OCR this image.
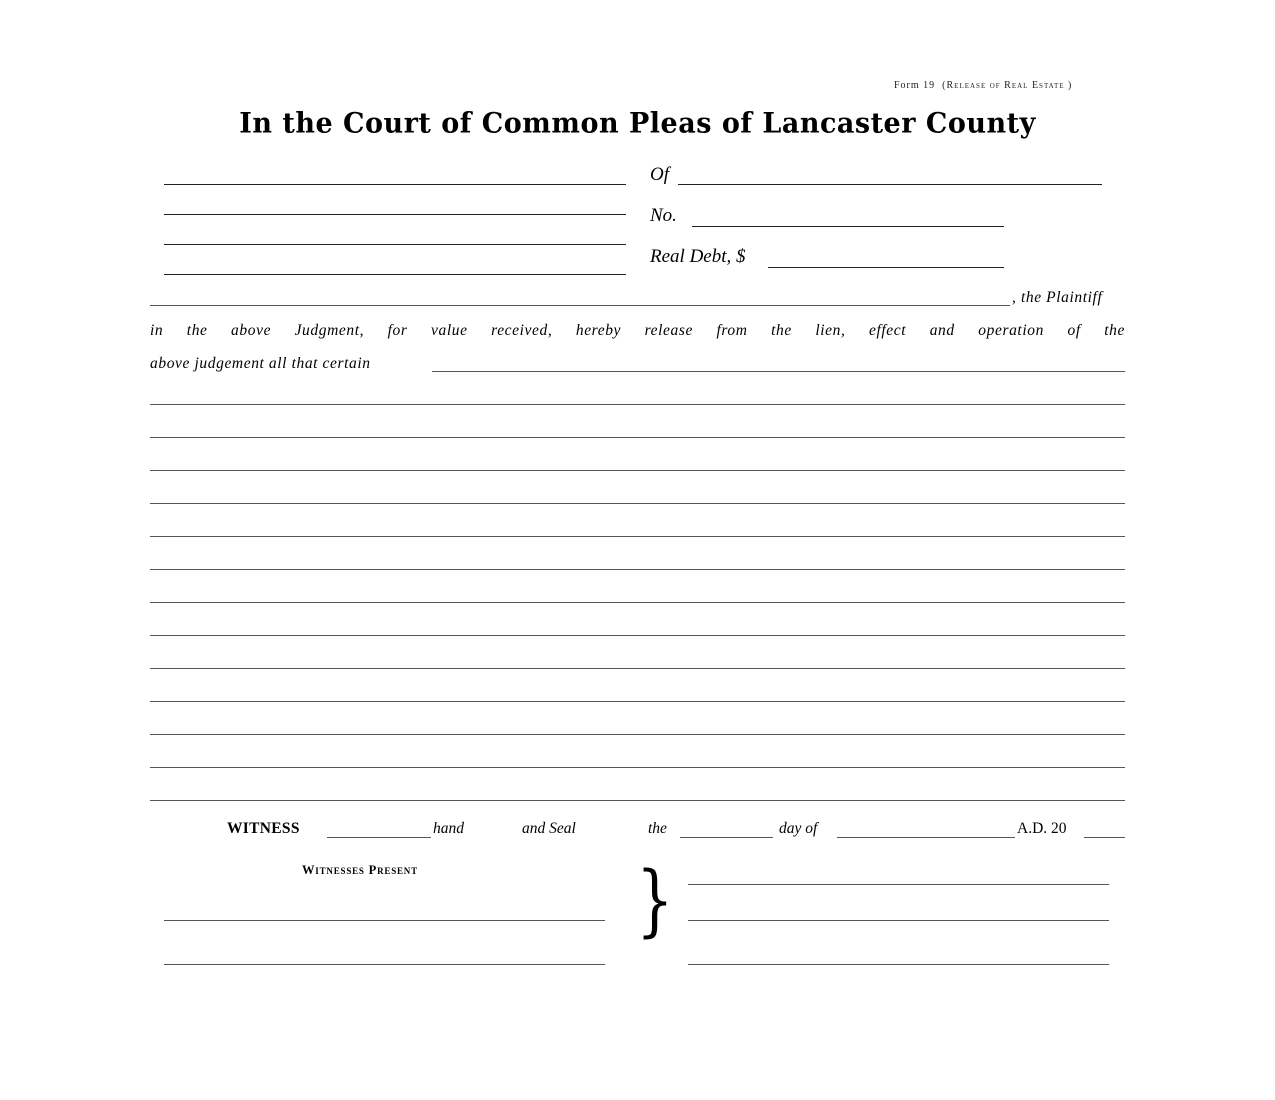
Form 19 (Release of Real Estate )
In the Court of Common Pleas of Lancaster County
Of
No.
Real Debt, $
, the Plaintiff
in the above Judgment, for value received, hereby release from the lien, effect and operation of the
above judgement all that certain
WITNESS	hand	and Seal	the	day of	A.D. 20
Witnesses Present	}
